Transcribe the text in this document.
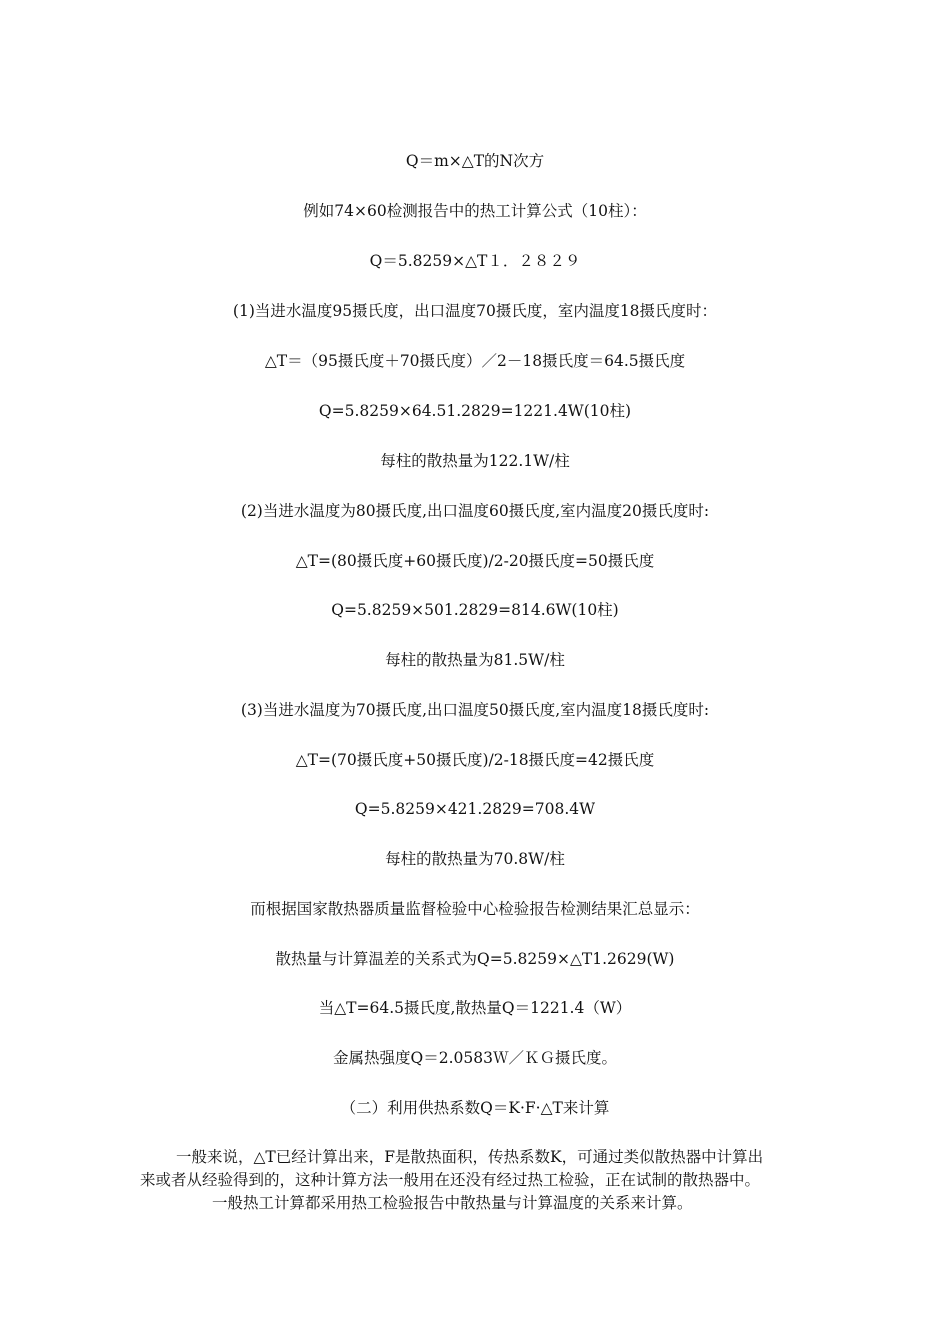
Q＝m×△T的N次方
例如74×60检测报告中的热工计算公式（10柱）：
Q＝5.8259×△T１．２８２９
(1)当进水温度95摄氏度，出口温度70摄氏度，室内温度18摄氏度时：
△T＝（95摄氏度＋70摄氏度）／2－18摄氏度＝64.5摄氏度
Q=5.8259×64.51.2829=1221.4W(10柱)
每柱的散热量为122.1W/柱
(2)当进水温度为80摄氏度,出口温度60摄氏度,室内温度20摄氏度时:
△T=(80摄氏度+60摄氏度)/2-20摄氏度=50摄氏度
Q=5.8259×501.2829=814.6W(10柱)
每柱的散热量为81.5W/柱
(3)当进水温度为70摄氏度,出口温度50摄氏度,室内温度18摄氏度时:
△T=(70摄氏度+50摄氏度)/2-18摄氏度=42摄氏度
Q=5.8259×421.2829=708.4W
每柱的散热量为70.8W/柱
而根据国家散热器质量监督检验中心检验报告检测结果汇总显示：
散热量与计算温差的关系式为Q=5.8259×△T1.2629(W)
当△T=64.5摄氏度,散热量Q＝1221.4（W）
金属热强度Q＝2.0583Ｗ／ＫＧ摄氏度。
（二）利用供热系数Q＝K·F·△T来计算
一般来说，△T已经计算出来，F是散热面积，传热系数K，可通过类似散热器中计算出
来或者从经验得到的，这种计算方法一般用在还没有经过热工检验，正在试制的散热器中。
一般热工计算都采用热工检验报告中散热量与计算温度的关系来计算。
